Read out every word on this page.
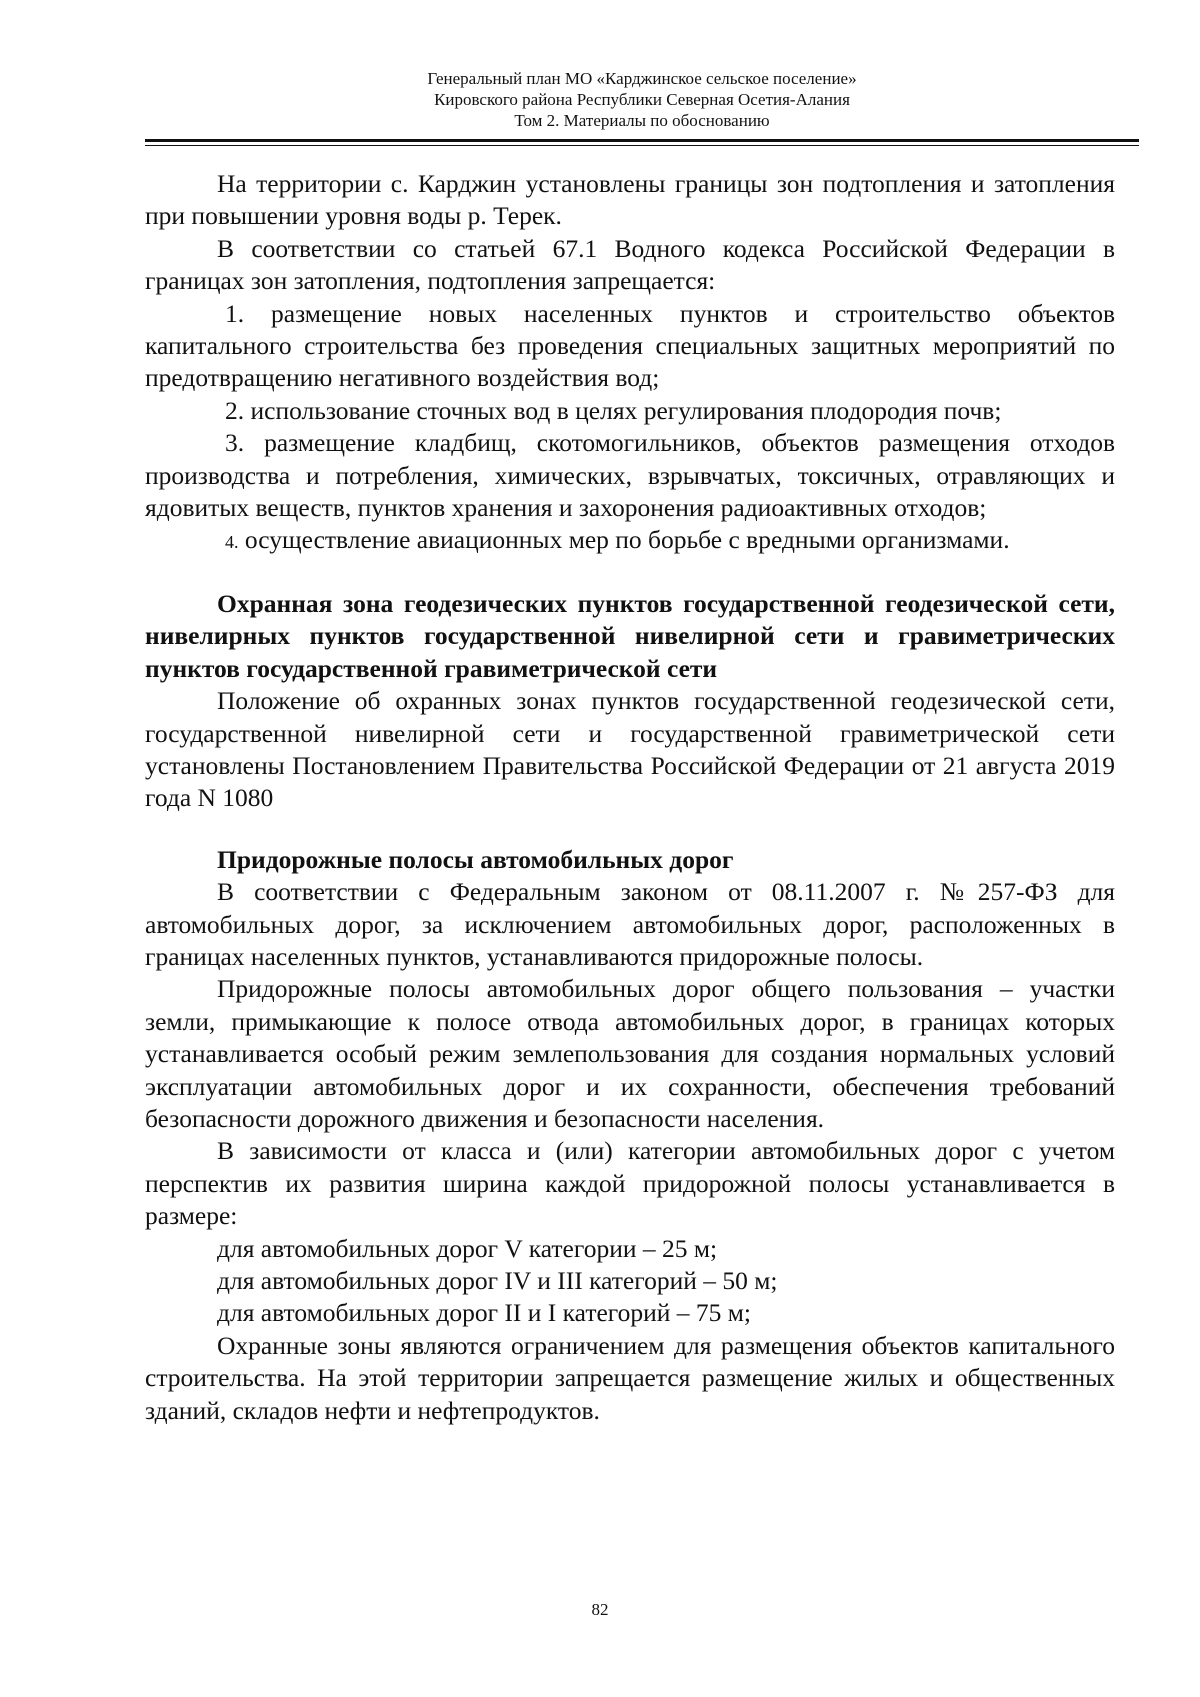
Генеральный план МО «Карджинское сельское поселение»
Кировского района Республики Северная Осетия-Алания
Том 2. Материалы по обоснованию

На территории с. Карджин установлены границы зон подтопления и затопления при повышении уровня воды р. Терек.

В соответствии со статьей 67.1 Водного кодекса Российской Федерации в границах зон затопления, подтопления запрещается:

1. размещение новых населенных пунктов и строительство объектов капитального строительства без проведения специальных защитных мероприятий по предотвращению негативного воздействия вод;

2. использование сточных вод в целях регулирования плодородия почв;

3. размещение кладбищ, скотомогильников, объектов размещения отходов производства и потребления, химических, взрывчатых, токсичных, отравляющих и ядовитых веществ, пунктов хранения и захоронения радиоактивных отходов;

4. осуществление авиационных мер по борьбе с вредными организмами.

Охранная зона геодезических пунктов государственной геодезической сети, нивелирных пунктов государственной нивелирной сети и гравиметрических пунктов государственной гравиметрической сети

Положение об охранных зонах пунктов государственной геодезической сети, государственной нивелирной сети и государственной гравиметрической сети установлены Постановлением Правительства Российской Федерации от 21 августа 2019 года N 1080

Придорожные полосы автомобильных дорог

В соответствии с Федеральным законом от 08.11.2007 г. №257-ФЗ для автомобильных дорог, за исключением автомобильных дорог, расположенных в границах населенных пунктов, устанавливаются придорожные полосы.

Придорожные полосы автомобильных дорог общего пользования – участки земли, примыкающие к полосе отвода автомобильных дорог, в границах которых устанавливается особый режим землепользования для создания нормальных условий эксплуатации автомобильных дорог и их сохранности, обеспечения требований безопасности дорожного движения и безопасности населения.

В зависимости от класса и (или) категории автомобильных дорог с учетом перспектив их развития ширина каждой придорожной полосы устанавливается в размере:

для автомобильных дорог V категории – 25 м;

для автомобильных дорог IV и III категорий – 50 м;

для автомобильных дорог II и I категорий – 75 м;

Охранные зоны являются ограничением для размещения объектов капитального строительства. На этой территории запрещается размещение жилых и общественных зданий, складов нефти и нефтепродуктов.

82
